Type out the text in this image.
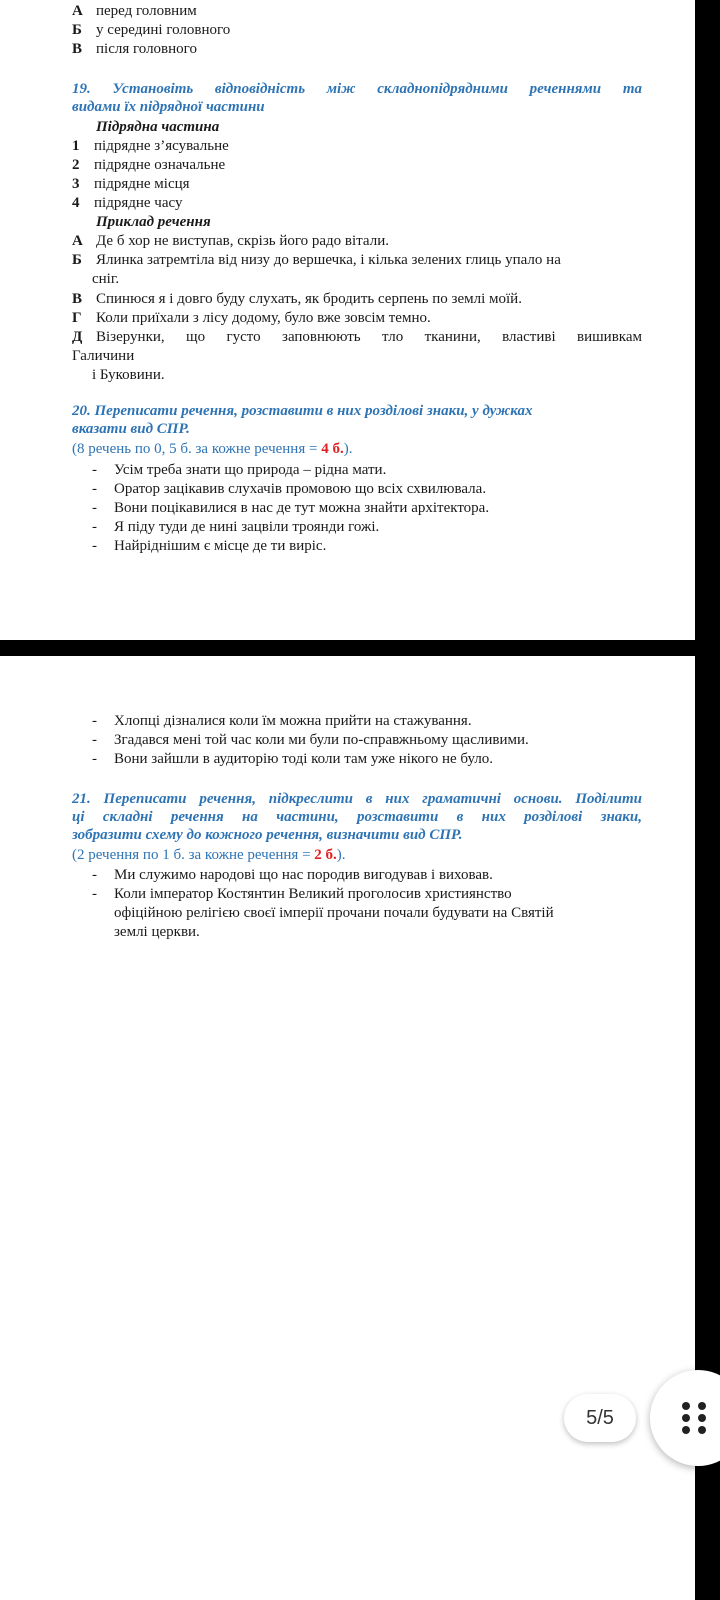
А перед головним
Б у середині головного
В після головного
19. Установіть відповідність між складнопідрядними реченнями та
видами їх підрядної частини
Підрядна частина
1 підрядне з’ясувальне
2 підрядне означальне
3 підрядне місця
4 підрядне часу
Приклад речення
А Де б хор не виступав, скрізь його радо вітали.
Б Ялинка затремтіла від низу до вершечка, і кілька зелених глиць упало на
сніг.
В Спинюся я і довго буду слухать, як бродить серпень по землі моїй.
Г Коли приїхали з лісу додому, було вже зовсім темно.
Д Візерунки, що густо заповнюють тло тканини, властиві вишивкам
Галичини
і Буковини.
20. Переписати речення, розставити в них розділові знаки, у дужках
вказати вид СПР.
(8 речень по 0, 5 б. за кожне речення = 4 б.).
- Усім треба знати що природа – рідна мати.
- Оратор зацікавив слухачів промовою що всіх схвилювала.
- Вони поцікавилися в нас де тут можна знайти архітектора.
- Я піду туди де нині зацвіли троянди гожі.
- Найріднішим є місце де ти виріс.
- Хлопці дізналися коли їм можна прийти на стажування.
- Згадався мені той час коли ми були по-справжньому щасливими.
- Вони зайшли в аудиторію тоді коли там уже нікого не було.
21. Переписати речення, підкреслити в них граматичні основи. Поділити
ці складні речення на частини, розставити в них розділові знаки,
зобразити схему до кожного речення, визначити вид СПР.
(2 речення по 1 б. за кожне речення = 2 б.).
- Ми служимо народові що нас породив вигодував і виховав.
- Коли імператор Костянтин Великий проголосив християнство
офіційною релігією своєї імперії прочани почали будувати на Святій
землі церкви.
5/5
